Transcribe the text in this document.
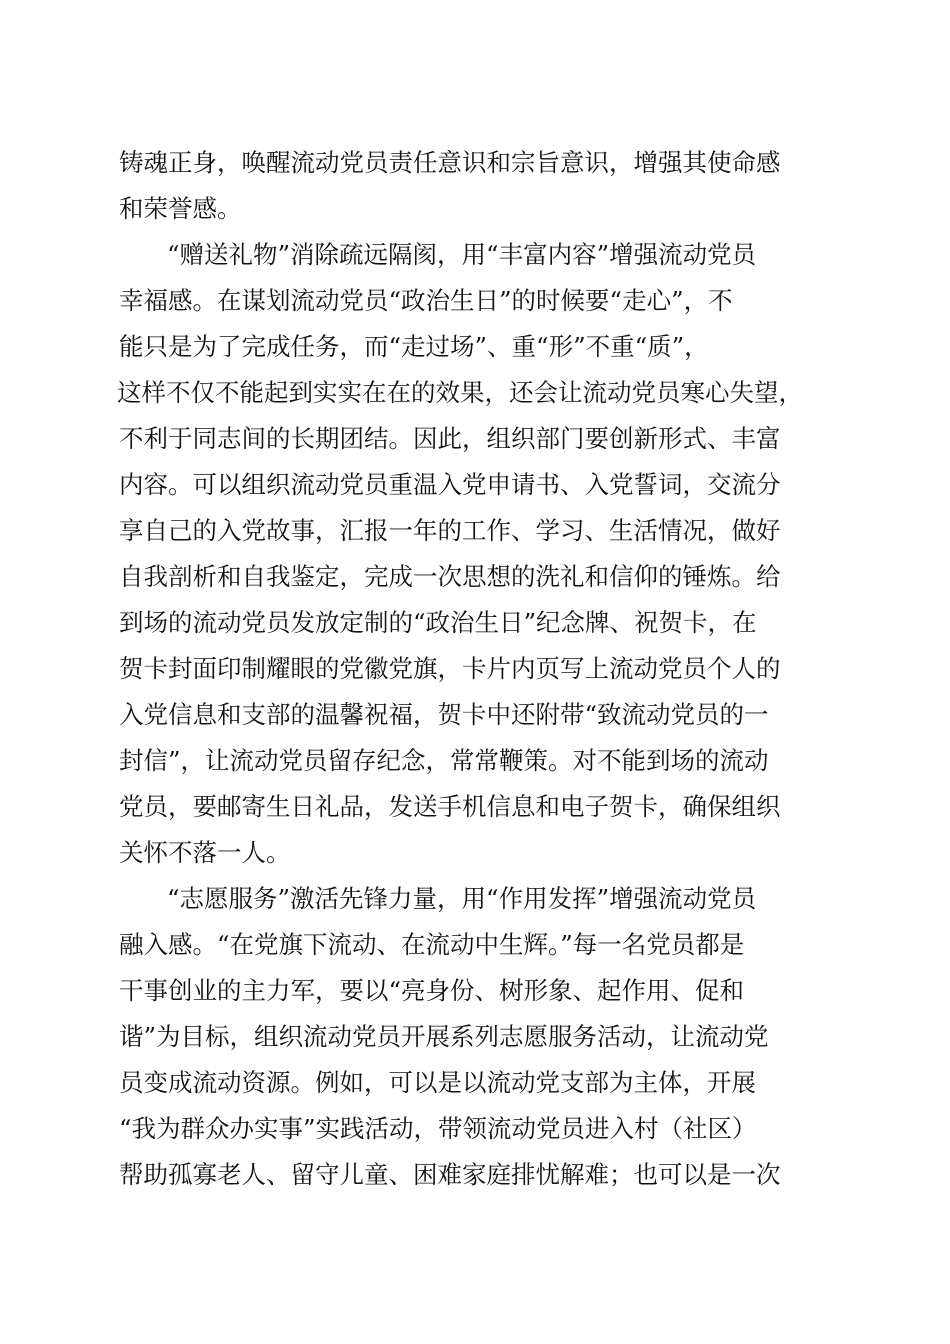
铸魂正身，唤醒流动党员责任意识和宗旨意识，增强其使命感
和荣誉感。
“赠送礼物”消除疏远隔阂，用“丰富内容”增强流动党员
幸福感。在谋划流动党员“政治生日”的时候要“走心”，不
能只是为了完成任务，而“走过场”、重“形”不重“质”，
这样不仅不能起到实实在在的效果，还会让流动党员寒心失望，
不利于同志间的长期团结。因此，组织部门要创新形式、丰富
内容。可以组织流动党员重温入党申请书、入党誓词，交流分
享自己的入党故事，汇报一年的工作、学习、生活情况，做好
自我剖析和自我鉴定，完成一次思想的洗礼和信仰的锤炼。给
到场的流动党员发放定制的“政治生日”纪念牌、祝贺卡，在
贺卡封面印制耀眼的党徽党旗，卡片内页写上流动党员个人的
入党信息和支部的温馨祝福，贺卡中还附带“致流动党员的一
封信”，让流动党员留存纪念，常常鞭策。对不能到场的流动
党员，要邮寄生日礼品，发送手机信息和电子贺卡，确保组织
关怀不落一人。
“志愿服务”激活先锋力量，用“作用发挥”增强流动党员
融入感。“在党旗下流动、在流动中生辉。”每一名党员都是
干事创业的主力军，要以“亮身份、树形象、起作用、促和
谐”为目标，组织流动党员开展系列志愿服务活动，让流动党
员变成流动资源。例如，可以是以流动党支部为主体，开展
“我为群众办实事”实践活动，带领流动党员进入村（社区）
帮助孤寡老人、留守儿童、困难家庭排忧解难；也可以是一次
